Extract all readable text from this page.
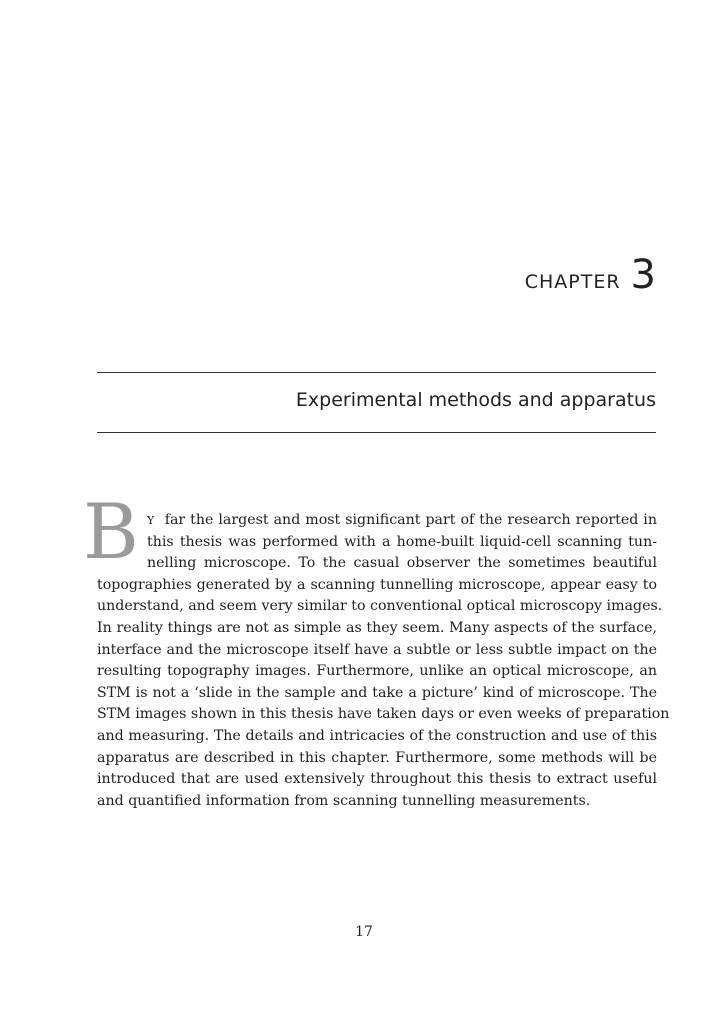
CHAPTER 3
Experimental methods and apparatus
B Y far the largest and most significant part of the research reported in
this thesis was performed with a home-built liquid-cell scanning tun-
nelling microscope. To the casual observer the sometimes beautiful
topographies generated by a scanning tunnelling microscope, appear easy to
understand, and seem very similar to conventional optical microscopy images.
In reality things are not as simple as they seem. Many aspects of the surface,
interface and the microscope itself have a subtle or less subtle impact on the
resulting topography images. Furthermore, unlike an optical microscope, an
STM is not a ‘slide in the sample and take a picture’ kind of microscope. The
STM images shown in this thesis have taken days or even weeks of preparation
and measuring. The details and intricacies of the construction and use of this
apparatus are described in this chapter. Furthermore, some methods will be
introduced that are used extensively throughout this thesis to extract useful
and quantified information from scanning tunnelling measurements.
17
